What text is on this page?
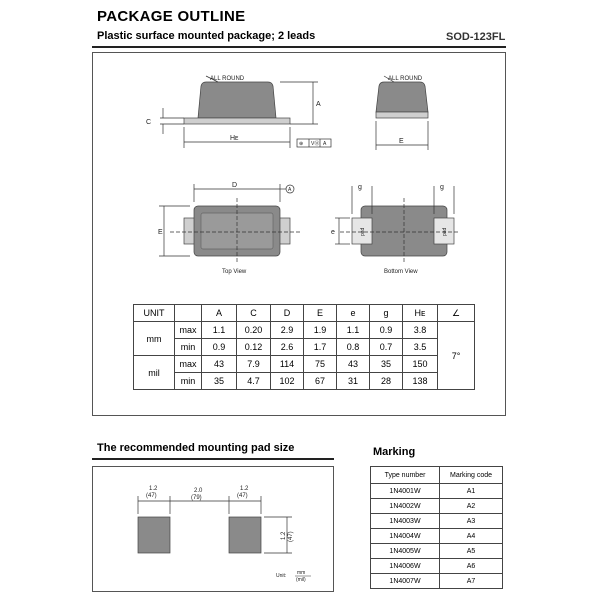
PACKAGE OUTLINE
Plastic surface mounted package; 2 leads	SOD-123FL
ALL ROUND	ALL ROUND
C
A
Hᴇ
⊕ VⓂ A	E
D
A
E
g	g
e	pad	pad
Top View	Bottom View
UNIT		A	C	D	E	e	g	Hᴇ	∠
mm	max	1.1	0.20	2.9	1.9	1.1	0.9	3.8	7°
	min	0.9	0.12	2.6	1.7	0.8	0.7	3.5	
mil	max	43	7.9	114	75	43	35	150	
	min	35	4.7	102	67	31	28	138	
The recommended mounting pad size
1.2
(47)
2.0
(79)
1.2
(47)
1.2 (47)
Unit: mm
(mil)
Marking
Type number	Marking code
1N4001W	A1
1N4002W	A2
1N4003W	A3
1N4004W	A4
1N4005W	A5
1N4006W	A6
1N4007W	A7
